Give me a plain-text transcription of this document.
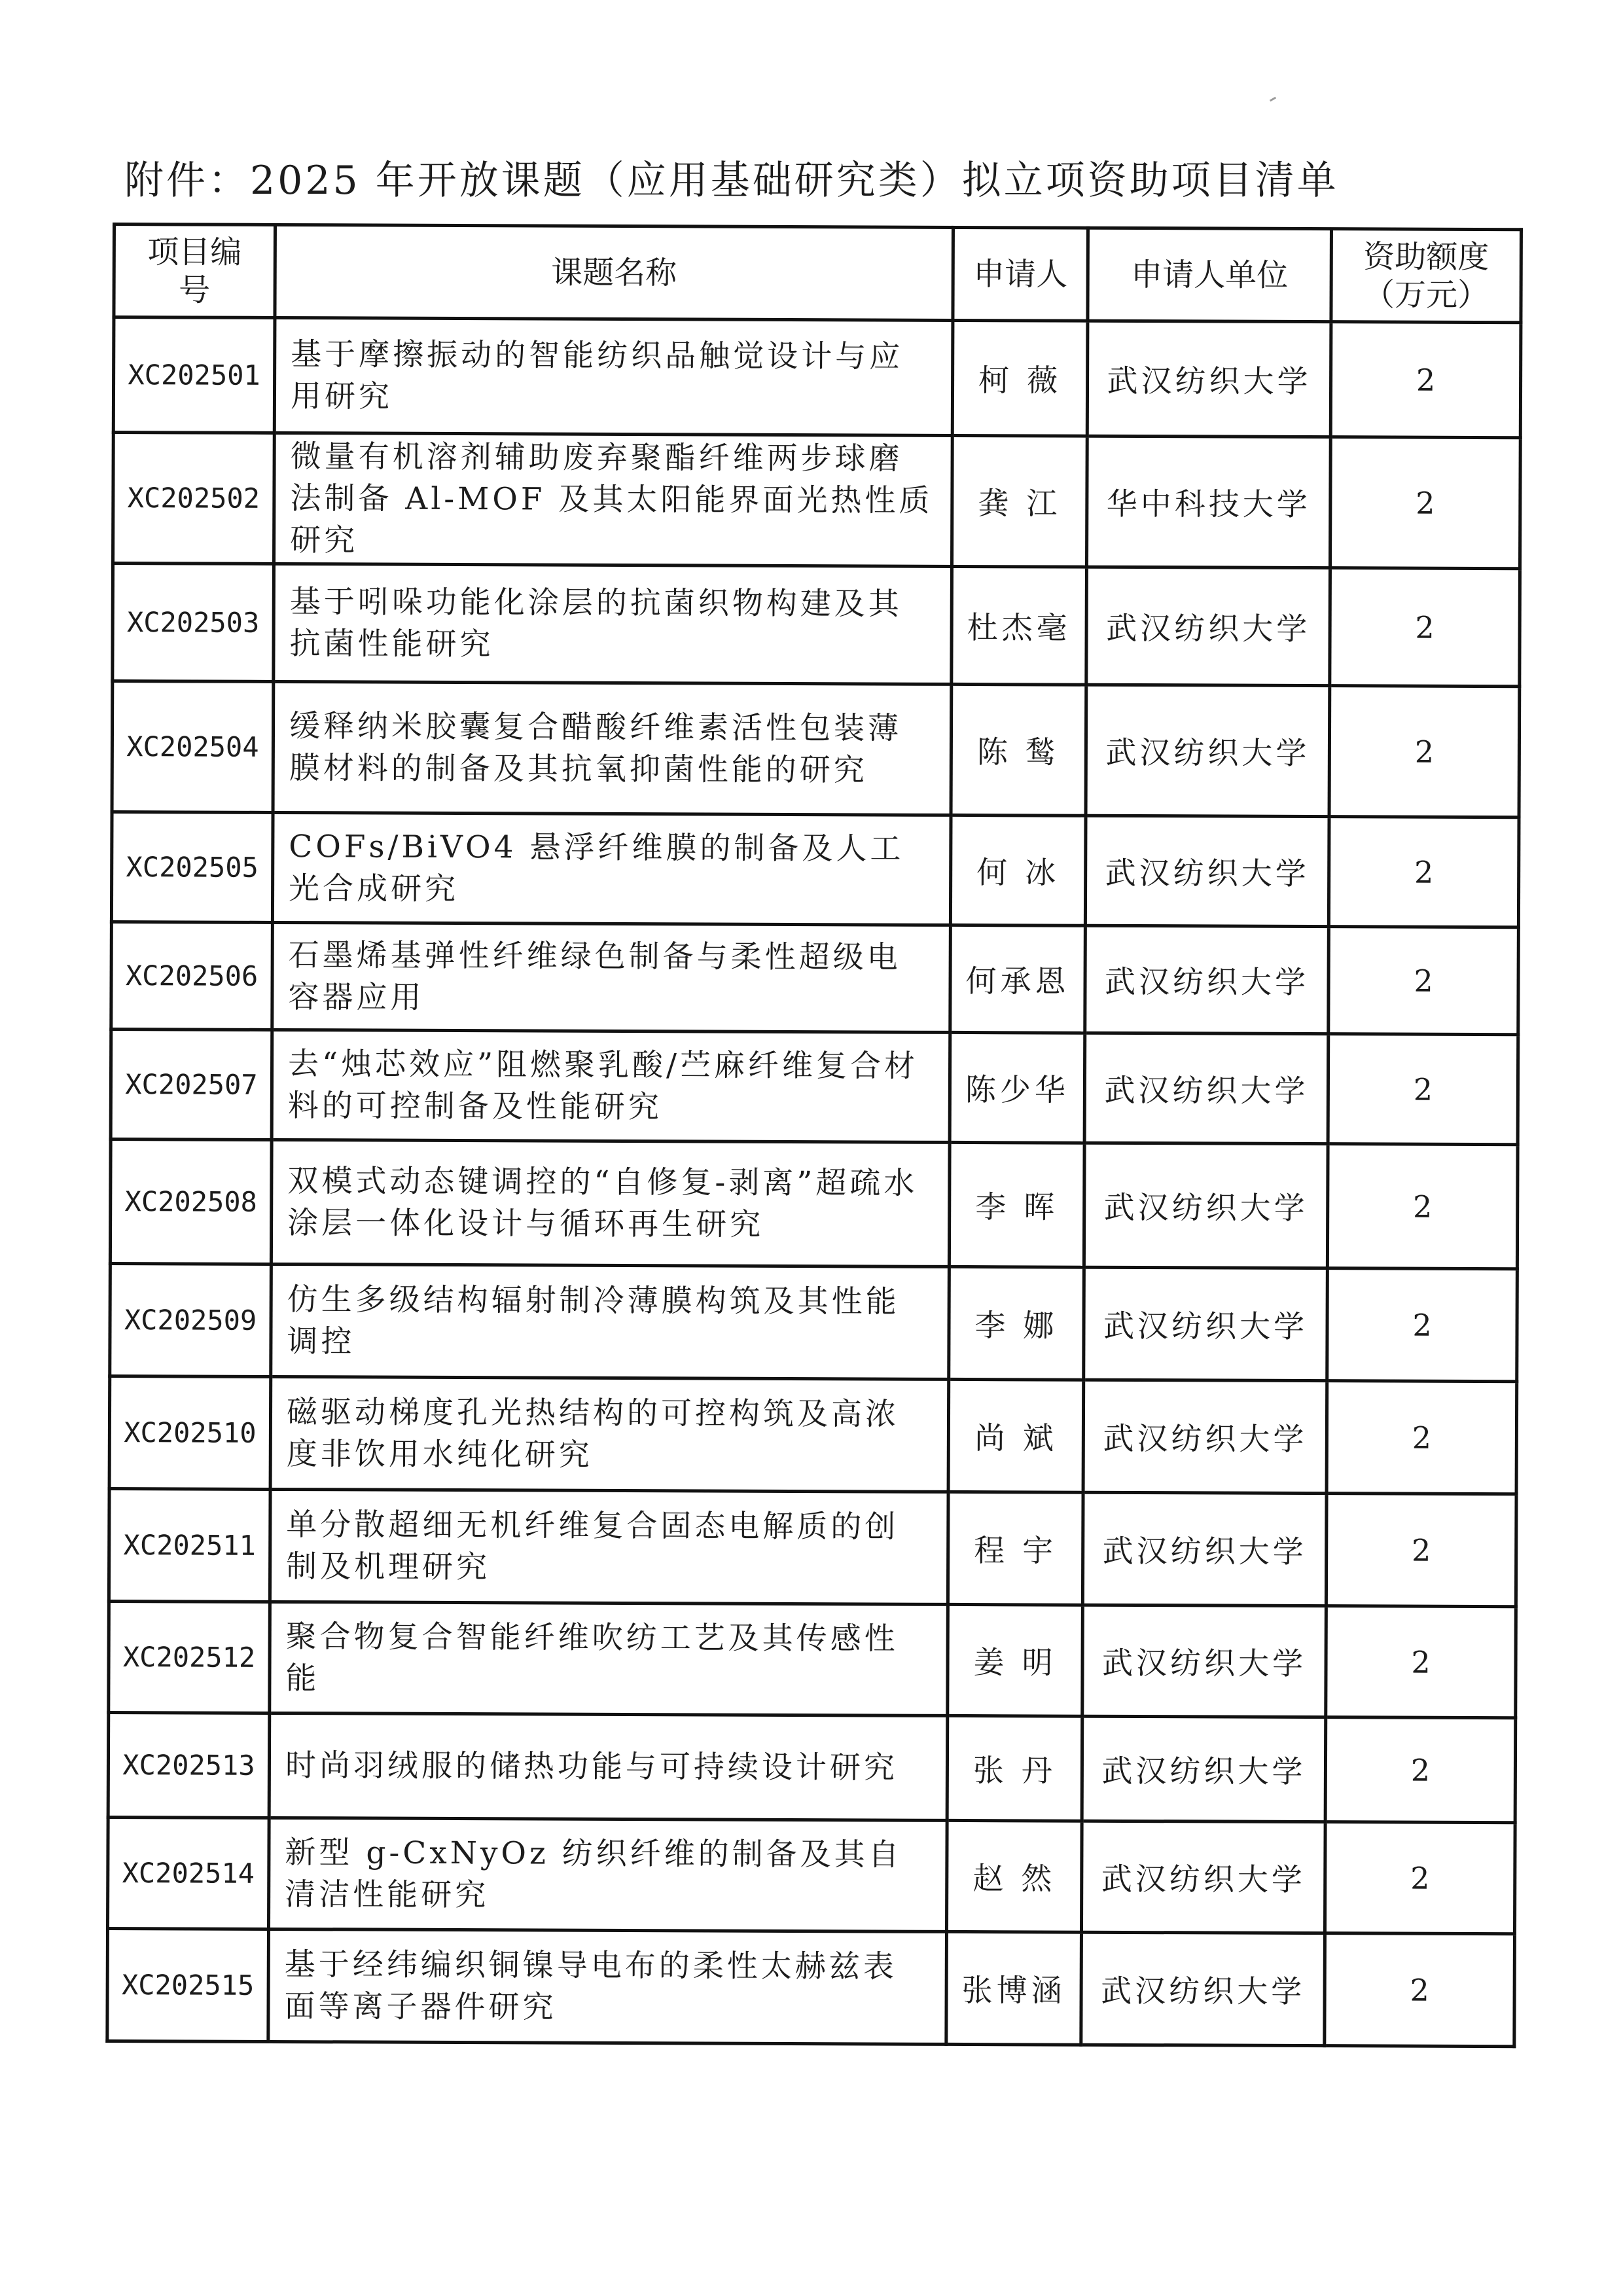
附件：2025 年开放课题（应用基础研究类）拟立项资助项目清单
项目编号	课题名称	申请人	申请人单位	资助额度
（万元）

XC202501	基于摩擦振动的智能纺织品触觉设计与应用研究	柯 薇	武汉纺织大学	2
XC202502	微量有机溶剂辅助废弃聚酯纤维两步球磨法制备 Al-MOF 及其太阳能界面光热性质研究	龚 江	华中科技大学	2
XC202503	基于吲哚功能化涂层的抗菌织物构建及其抗菌性能研究	杜杰毫	武汉纺织大学	2
XC202504	缓释纳米胶囊复合醋酸纤维素活性包装薄膜材料的制备及其抗氧抑菌性能的研究	陈 鹙	武汉纺织大学	2
XC202505	COFs/BiVO4 悬浮纤维膜的制备及人工光合成研究	何 冰	武汉纺织大学	2
XC202506	石墨烯基弹性纤维绿色制备与柔性超级电容器应用	何承恩	武汉纺织大学	2
XC202507	去“烛芯效应”阻燃聚乳酸/苎麻纤维复合材料的可控制备及性能研究	陈少华	武汉纺织大学	2
XC202508	双模式动态键调控的“自修复-剥离”超疏水涂层一体化设计与循环再生研究	李 晖	武汉纺织大学	2
XC202509	仿生多级结构辐射制冷薄膜构筑及其性能调控	李 娜	武汉纺织大学	2
XC202510	磁驱动梯度孔光热结构的可控构筑及高浓度非饮用水纯化研究	尚 斌	武汉纺织大学	2
XC202511	单分散超细无机纤维复合固态电解质的创制及机理研究	程 宇	武汉纺织大学	2
XC202512	聚合物复合智能纤维吹纺工艺及其传感性能	姜 明	武汉纺织大学	2
XC202513	时尚羽绒服的储热功能与可持续设计研究	张 丹	武汉纺织大学	2
XC202514	新型 g-CxNyOz 纺织纤维的制备及其自清洁性能研究	赵 然	武汉纺织大学	2
XC202515	基于经纬编织铜镍导电布的柔性太赫兹表面等离子器件研究	张博涵	武汉纺织大学	2
